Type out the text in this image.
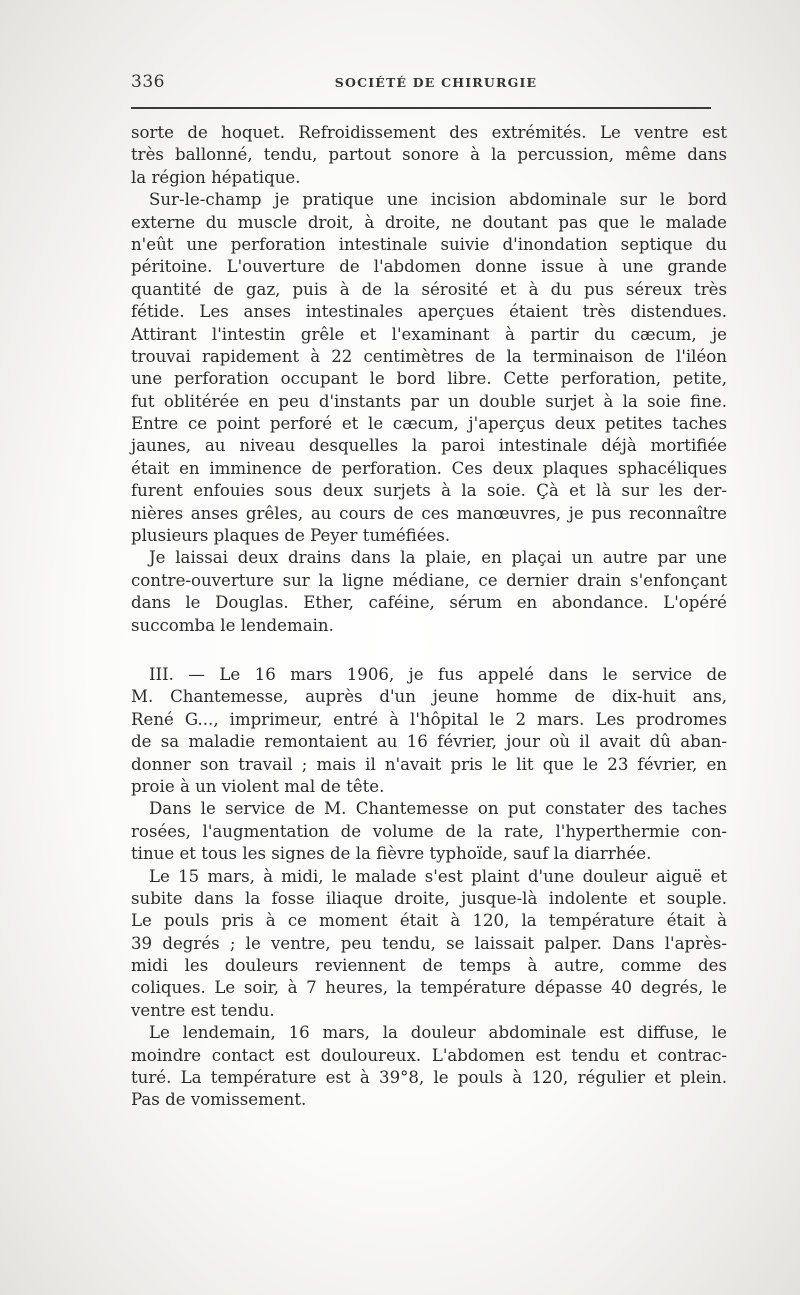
336	SOCIÉTÉ DE CHIRURGIE
sorte de hoquet. Refroidissement des extrémités. Le ventre est
très ballonné, tendu, partout sonore à la percussion, même dans
la région hépatique.
Sur-le-champ je pratique une incision abdominale sur le bord
externe du muscle droit, à droite, ne doutant pas que le malade
n'eût une perforation intestinale suivie d'inondation septique du
péritoine. L'ouverture de l'abdomen donne issue à une grande
quantité de gaz, puis à de la sérosité et à du pus séreux très
fétide. Les anses intestinales aperçues étaient très distendues.
Attirant l'intestin grêle et l'examinant à partir du cæcum, je
trouvai rapidement à 22 centimètres de la terminaison de l'iléon
une perforation occupant le bord libre. Cette perforation, petite,
fut oblitérée en peu d'instants par un double surjet à la soie fine.
Entre ce point perforé et le cæcum, j'aperçus deux petites taches
jaunes, au niveau desquelles la paroi intestinale déjà mortifiée
était en imminence de perforation. Ces deux plaques sphacéliques
furent enfouies sous deux surjets à la soie. Çà et là sur les der-
nières anses grêles, au cours de ces manœuvres, je pus reconnaître
plusieurs plaques de Peyer tuméfiées.
Je laissai deux drains dans la plaie, en plaçai un autre par une
contre-ouverture sur la ligne médiane, ce dernier drain s'enfonçant
dans le Douglas. Ether, caféine, sérum en abondance. L'opéré
succomba le lendemain.
III. — Le 16 mars 1906, je fus appelé dans le service de
M. Chantemesse, auprès d'un jeune homme de dix-huit ans,
René G..., imprimeur, entré à l'hôpital le 2 mars. Les prodromes
de sa maladie remontaient au 16 février, jour où il avait dû aban-
donner son travail ; mais il n'avait pris le lit que le 23 février, en
proie à un violent mal de tête.
Dans le service de M. Chantemesse on put constater des taches
rosées, l'augmentation de volume de la rate, l'hyperthermie con-
tinue et tous les signes de la fièvre typhoïde, sauf la diarrhée.
Le 15 mars, à midi, le malade s'est plaint d'une douleur aiguë et
subite dans la fosse iliaque droite, jusque-là indolente et souple.
Le pouls pris à ce moment était à 120, la température était à
39 degrés ; le ventre, peu tendu, se laissait palper. Dans l'après-
midi les douleurs reviennent de temps à autre, comme des
coliques. Le soir, à 7 heures, la température dépasse 40 degrés, le
ventre est tendu.
Le lendemain, 16 mars, la douleur abdominale est diffuse, le
moindre contact est douloureux. L'abdomen est tendu et contrac-
turé. La température est à 39°8, le pouls à 120, régulier et plein.
Pas de vomissement.
